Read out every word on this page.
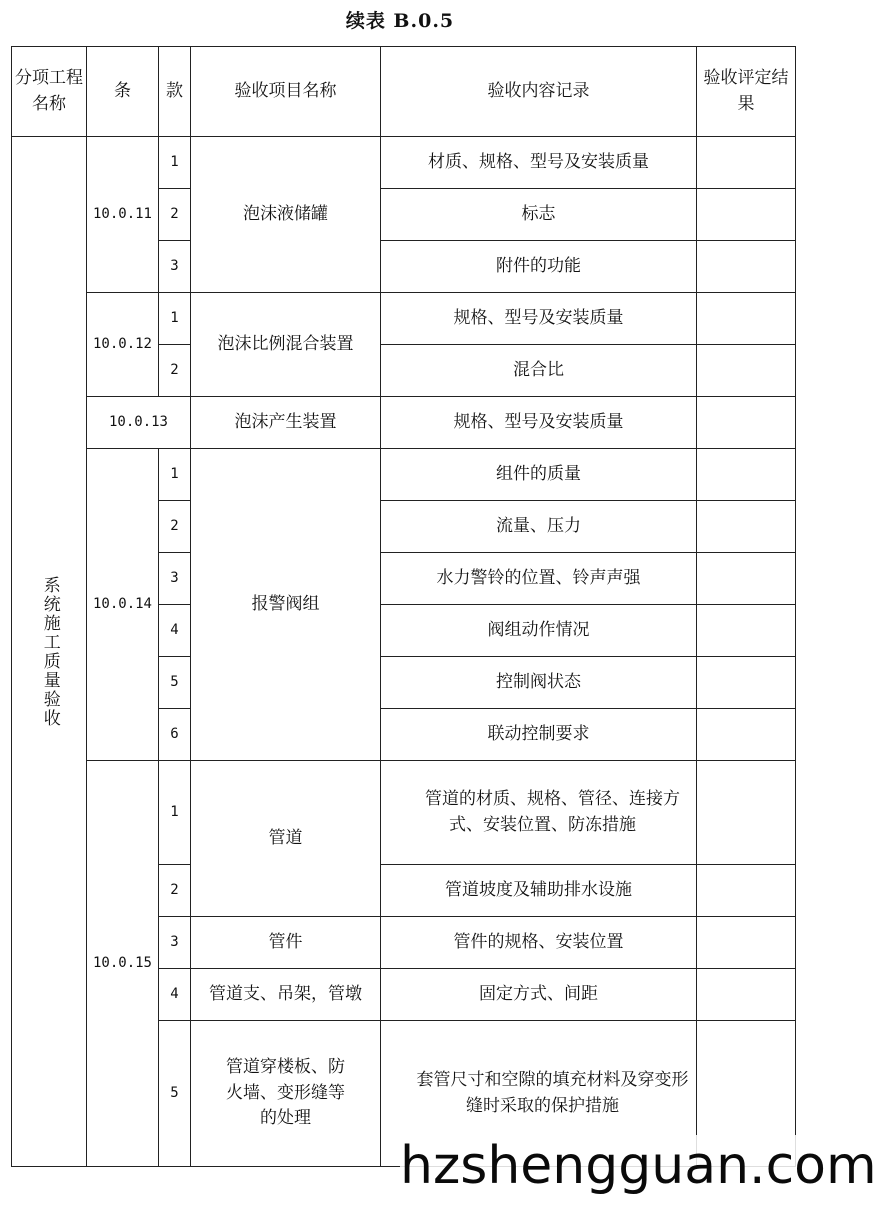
续表 B.0.5
分项工程名称	条	款	验收项目名称	验收内容记录	验收评定结果
系统施工质量验收	10.0.11	1	泡沫液储罐	材质、规格、型号及安装质量	
		2		标志	
		3		附件的功能	
	10.0.12	1	泡沫比例混合装置	规格、型号及安装质量	
		2		混合比	
	10.0.13		泡沫产生装置	规格、型号及安装质量	
	10.0.14	1	报警阀组	组件的质量	
		2		流量、压力	
		3		水力警铃的位置、铃声声强	
		4		阀组动作情况	
		5		控制阀状态	
		6		联动控制要求	
	10.0.15	1	管道	管道的材质、规格、管径、连接方式、安装位置、防冻措施	
		2		管道坡度及辅助排水设施	
		3	管件	管件的规格、安装位置	
		4	管道支、吊架，管墩	固定方式、间距	
		5	管道穿楼板、防火墙、变形缝等的处理	套管尺寸和空隙的填充材料及穿变形缝时采取的保护措施	
hzshengguan.com
